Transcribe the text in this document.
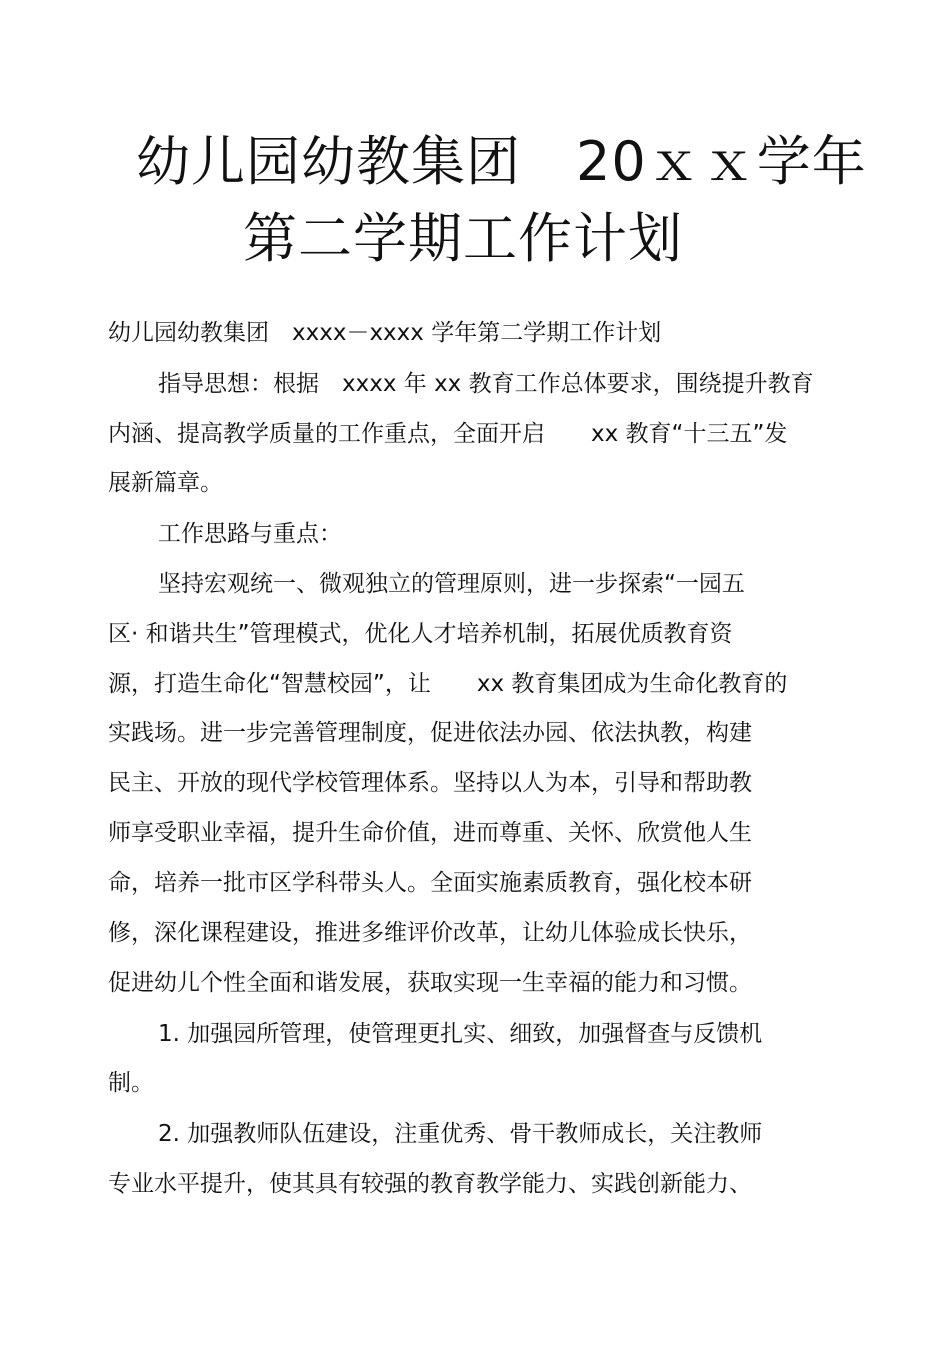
幼儿园幼教集团　20ｘｘ学年
第二学期工作计划
幼儿园幼教集团　xxxx－xxxx 学年第二学期工作计划
指导思想：根据　xxxx 年 xx 教育工作总体要求，围绕提升教育
内涵、提高教学质量的工作重点，全面开启　　xx 教育“十三五”发
展新篇章。
工作思路与重点：
坚持宏观统一、微观独立的管理原则，进一步探索“一园五
区· 和谐共生”管理模式，优化人才培养机制，拓展优质教育资
源，打造生命化“智慧校园”，让　　xx 教育集团成为生命化教育的
实践场。进一步完善管理制度，促进依法办园、依法执教，构建
民主、开放的现代学校管理体系。坚持以人为本，引导和帮助教
师享受职业幸福，提升生命价值，进而尊重、关怀、欣赏他人生
命，培养一批市区学科带头人。全面实施素质教育，强化校本研
修，深化课程建设，推进多维评价改革，让幼儿体验成长快乐，
促进幼儿个性全面和谐发展，获取实现一生幸福的能力和习惯。
1. 加强园所管理，使管理更扎实、细致，加强督查与反馈机
制。
2. 加强教师队伍建设，注重优秀、骨干教师成长，关注教师
专业水平提升，使其具有较强的教育教学能力、实践创新能力、
